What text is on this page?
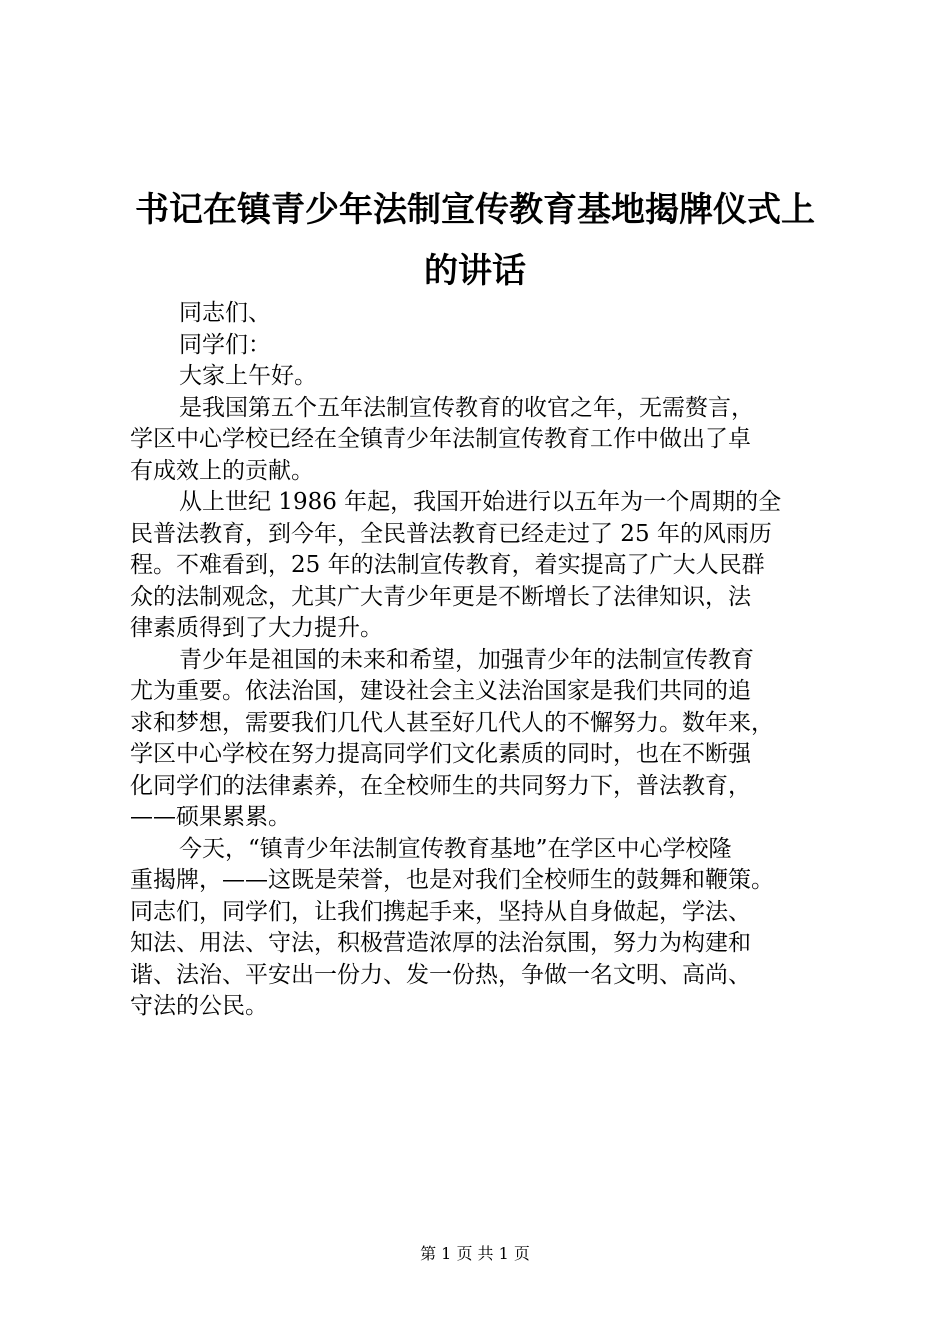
书记在镇青少年法制宣传教育基地揭牌仪式上
的讲话
同志们、
同学们：
大家上午好。
是我国第五个五年法制宣传教育的收官之年，无需赘言，
学区中心学校已经在全镇青少年法制宣传教育工作中做出了卓
有成效上的贡献。
从上世纪 1986 年起，我国开始进行以五年为一个周期的全
民普法教育，到今年，全民普法教育已经走过了 25 年的风雨历
程。不难看到，25 年的法制宣传教育，着实提高了广大人民群
众的法制观念，尤其广大青少年更是不断增长了法律知识，法
律素质得到了大力提升。
青少年是祖国的未来和希望，加强青少年的法制宣传教育
尤为重要。依法治国，建设社会主义法治国家是我们共同的追
求和梦想，需要我们几代人甚至好几代人的不懈努力。数年来，
学区中心学校在努力提高同学们文化素质的同时，也在不断强
化同学们的法律素养，在全校师生的共同努力下，普法教育，
——硕果累累。
今天，“镇青少年法制宣传教育基地”在学区中心学校隆
重揭牌，——这既是荣誉，也是对我们全校师生的鼓舞和鞭策。
同志们，同学们，让我们携起手来，坚持从自身做起，学法、
知法、用法、守法，积极营造浓厚的法治氛围，努力为构建和
谐、法治、平安出一份力、发一份热，争做一名文明、高尚、
守法的公民。
第 1 页 共 1 页
